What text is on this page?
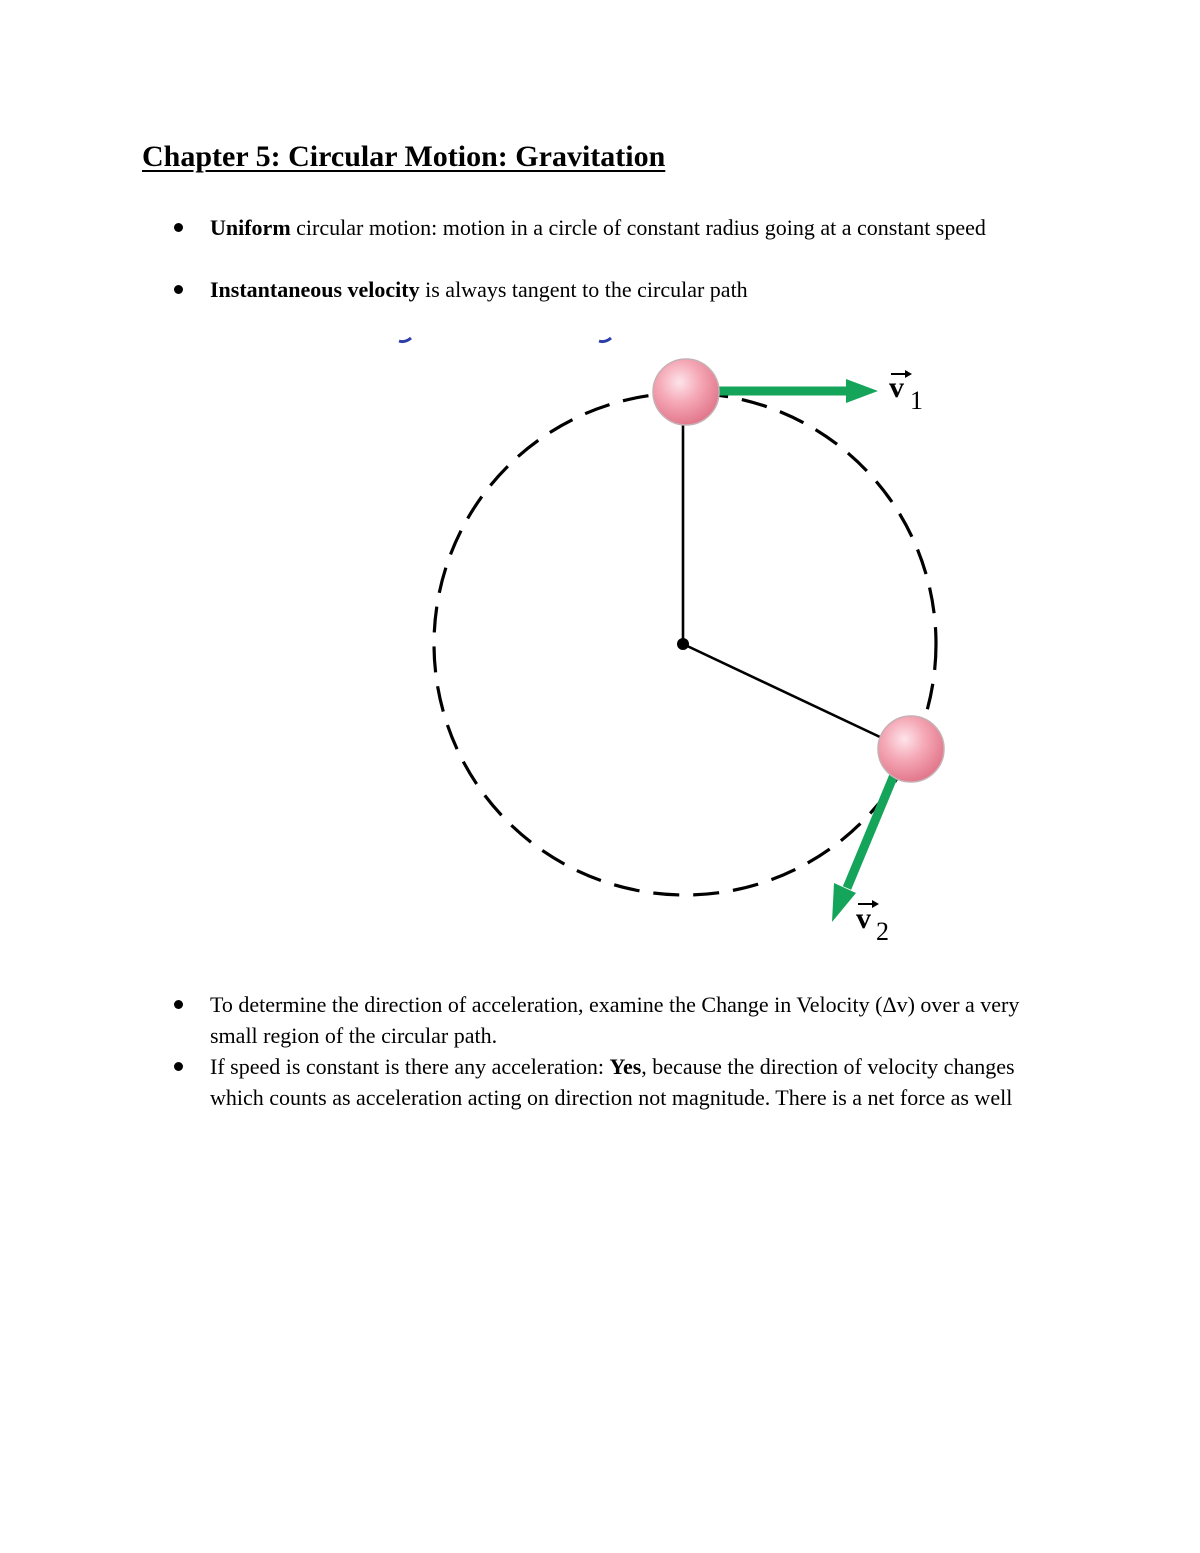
Chapter 5: Circular Motion: Gravitation
Uniform circular motion: motion in a circle of constant radius going at a constant speed
Instantaneous velocity is always tangent to the circular path
v 1
v 2
To determine the direction of acceleration, examine the Change in Velocity (Δv) over a very small region of the circular path.
If speed is constant is there any acceleration: Yes, because the direction of velocity changes which counts as acceleration acting on direction not magnitude. There is a net force as well
